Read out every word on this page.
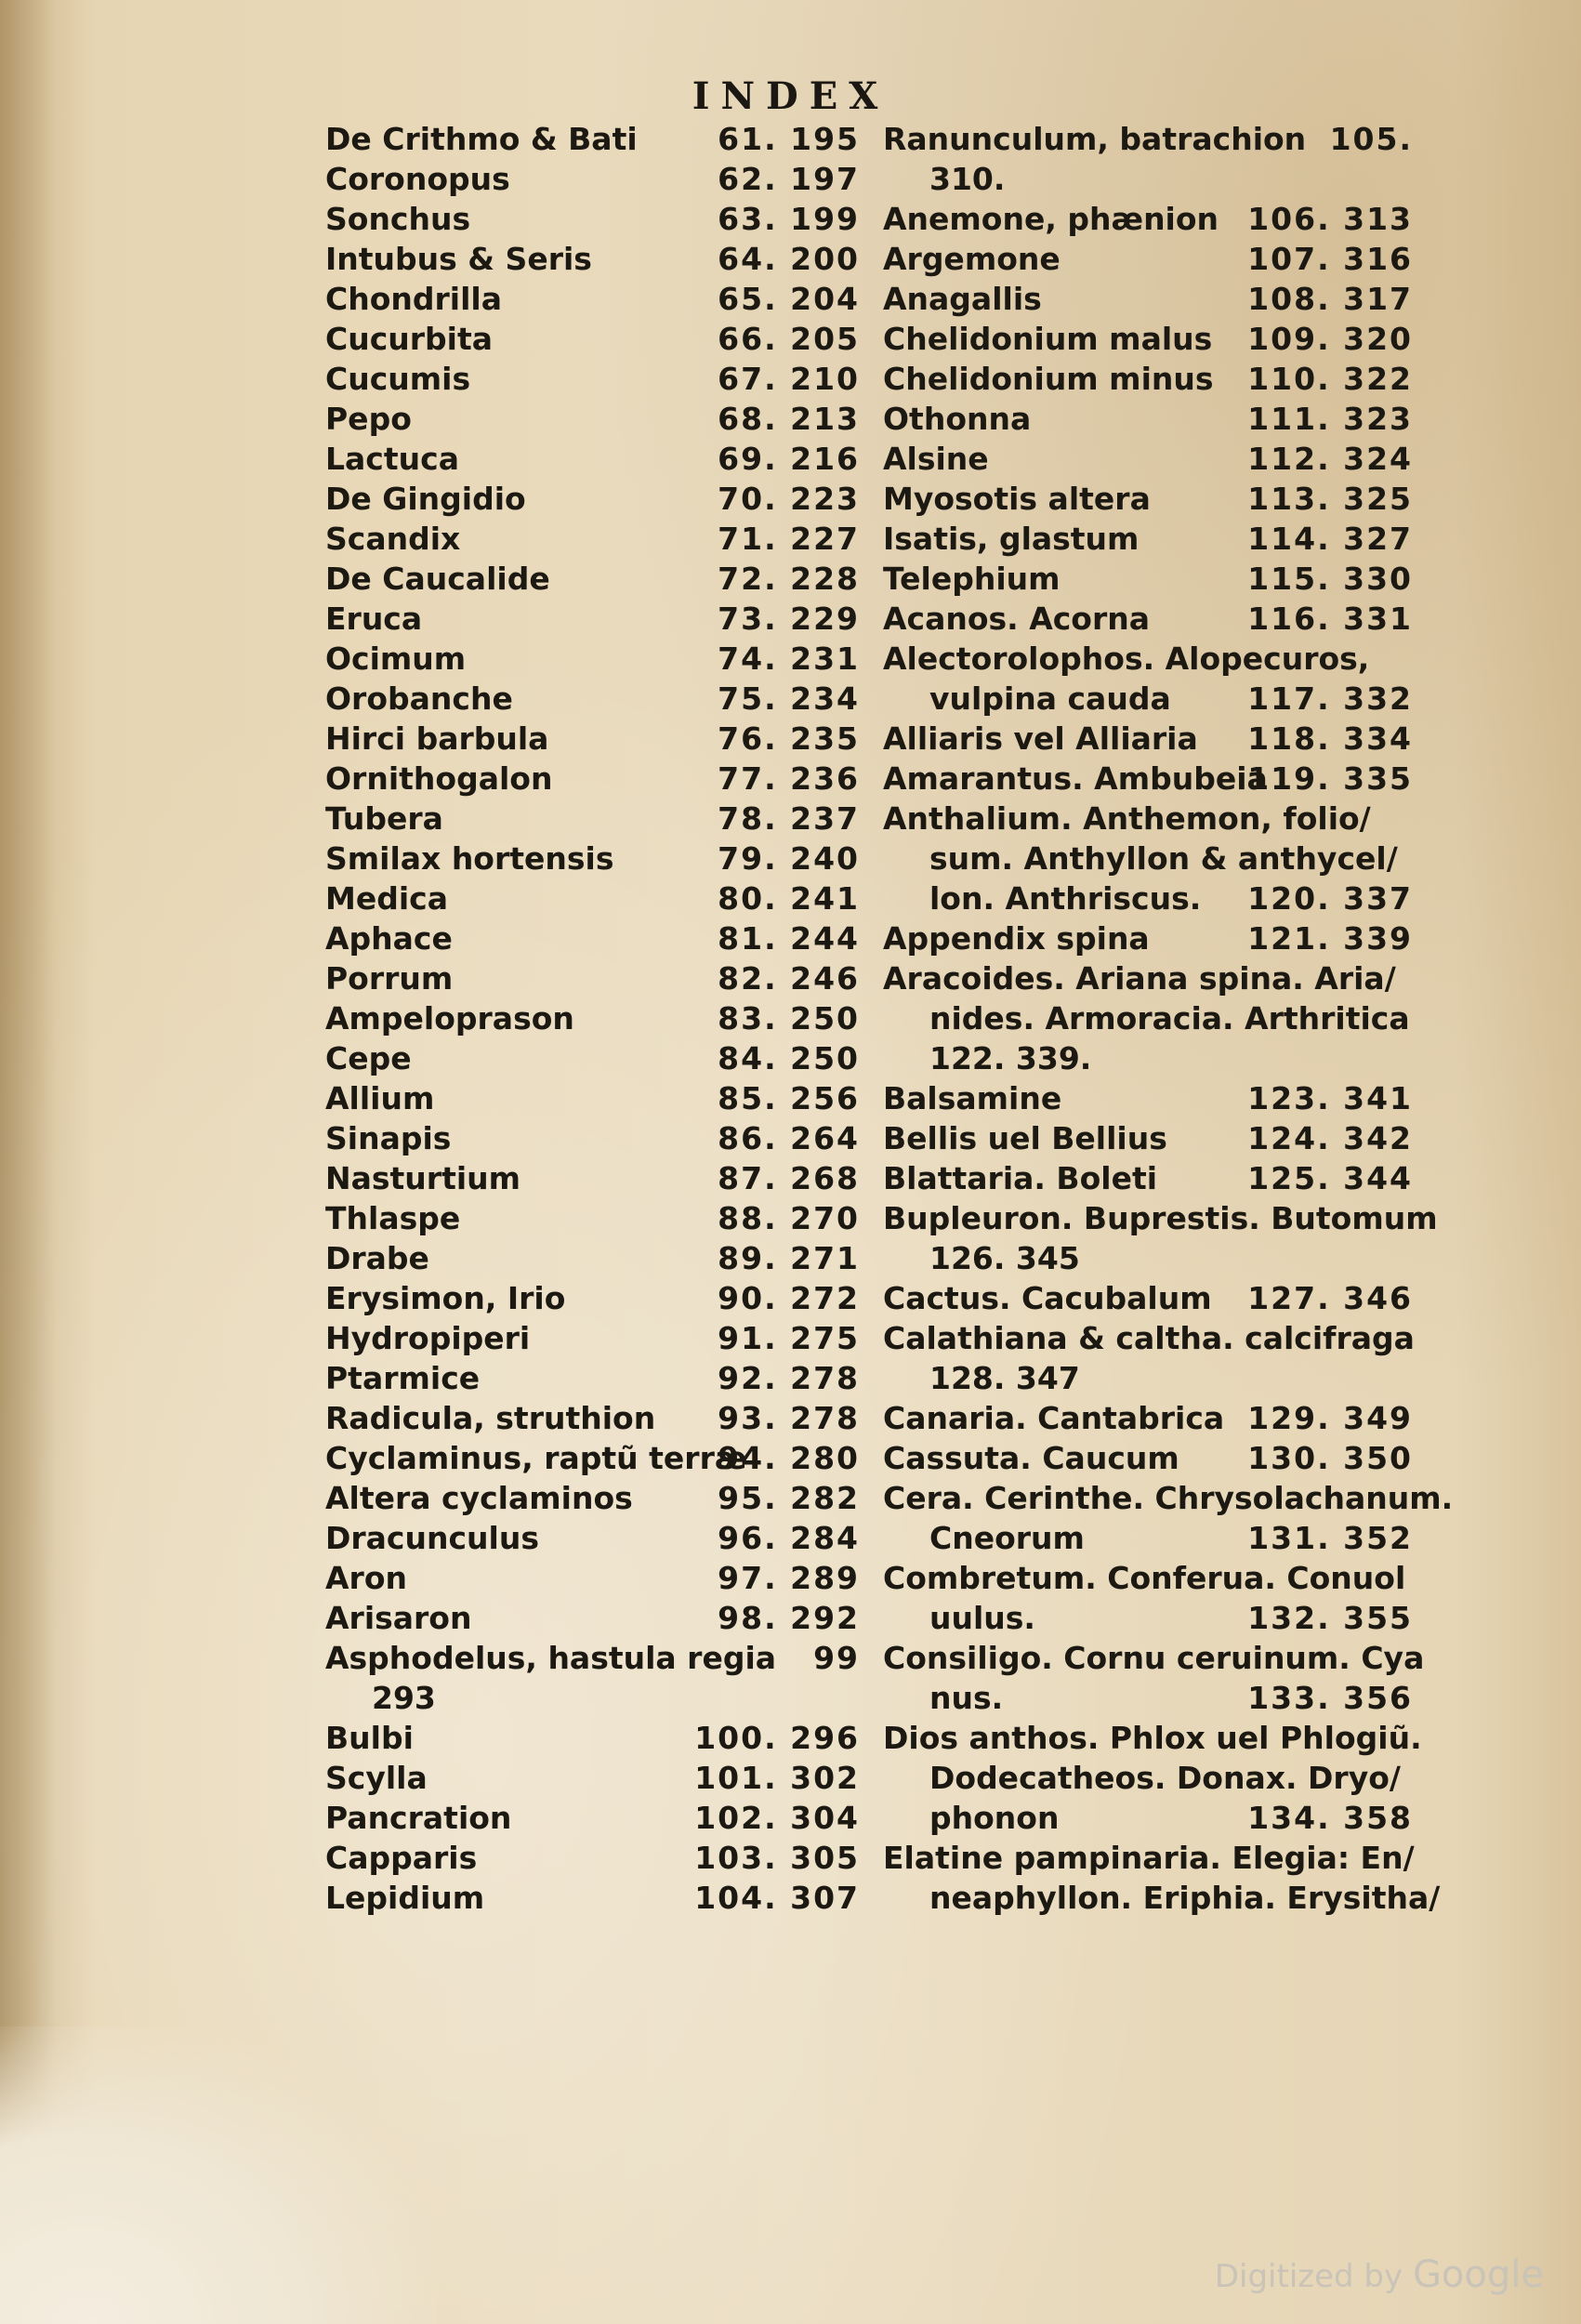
INDEX
De Crithmo & Bati	61. 195
Coronopus	62. 197
Sonchus	63. 199
Intubus & Seris	64. 200
Chondrilla	65. 204
Cucurbita	66. 205
Cucumis	67. 210
Pepo	68. 213
Lactuca	69. 216
De Gingidio	70. 223
Scandix	71. 227
De Caucalide	72. 228
Eruca	73. 229
Ocimum	74. 231
Orobanche	75. 234
Hirci barbula	76. 235
Ornithogalon	77. 236
Tubera	78. 237
Smilax hortensis	79. 240
Medica	80. 241
Aphace	81. 244
Porrum	82. 246
Ampeloprason	83. 250
Cepe	84. 250
Allium	85. 256
Sinapis	86. 264
Nasturtium	87. 268
Thlaspe	88. 270
Drabe	89. 271
Erysimon, Irio	90. 272
Hydropiperi	91. 275
Ptarmice	92. 278
Radicula, struthion 93. 278
Cyclaminus, raptũ terræ
94. 280
Altera cyclaminos	95. 282
Dracunculus	96. 284
Aron	97. 289
Arisaron	98. 292
Asphodelus, hastula regia 99
293
Bulbi	100. 296
Scylla	101. 302
Pancration	102. 304
Capparis	103. 305
Lepidium	104. 307
Ranunculum, batrachion 105.
310.
Anemone, phænion 106. 313
Argemone	107. 316
Anagallis	108. 317
Chelidonium malus 109. 320
Chelidonium minus 110. 322
Othonna	111. 323
Alsine	112. 324
Myosotis altera	113. 325
Isatis, glastum	114. 327
Telephium	115. 330
Acanos. Acorna	116. 331
Alectorolophos. Alopecuros,
vulpina cauda 117. 332
Alliaris vel Alliaria 118. 334
Amarantus. Ambubeia
119. 335
Anthalium. Anthemon, folio/
sum. Anthyllon & anthycel/
lon. Anthriscus. 120. 337
Appendix spina	121. 339
Aracoides. Ariana spina. Aria/
nides. Armoracia. Arthritica
122. 339.
Balsamine	123. 341
Bellis uel Bellius	124. 342
Blattaria. Boleti	125. 344
Bupleuron. Buprestis. Butomum
126. 345
Cactus. Cacubalum 127. 346
Calathiana & caltha. calcifraga
128. 347
Canaria. Cantabrica 129. 349
Cassuta. Caucum 130. 350
Cera. Cerinthe. Chrysolachanum.
Cneorum	131. 352
Combretum. Conferua. Conuol
uulus.	132. 355
Consiligo. Cornu ceruinum. Cya
nus.	133. 356
Dios anthos. Phlox uel Phlogiũ.
Dodecatheos. Donax. Dryo/
phonon	134. 358
Elatine pampinaria. Elegia: En/
neaphyllon. Eriphia. Erysitha/
Digitized by Google
